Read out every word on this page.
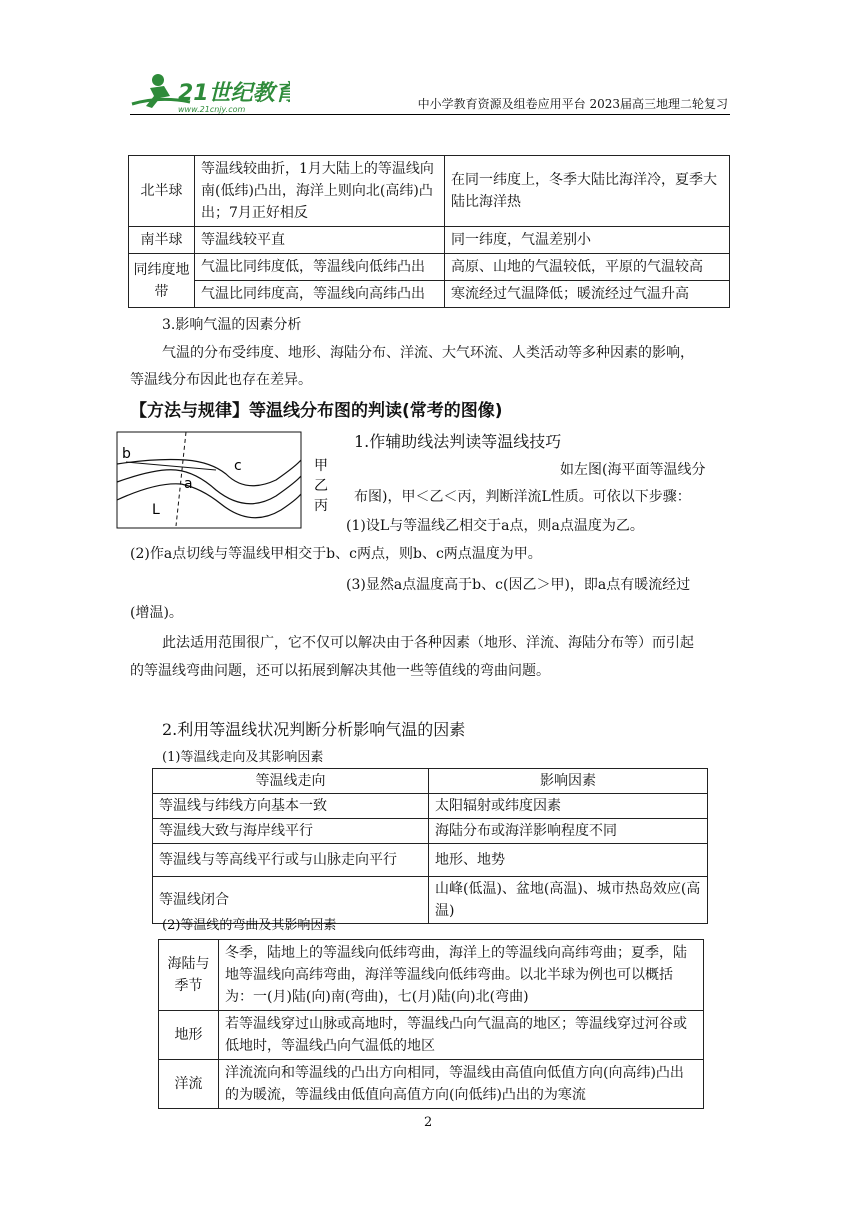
21世纪教育
www.21cnjy.com	中小学教育资源及组卷应用平台 2023届高三地理二轮复习
北半球	等温线较曲折，1月大陆上的等温线向南(低纬)凸出，海洋上则向北(高纬)凸出；7月正好相反	在同一纬度上，冬季大陆比海洋冷，夏季大陆比海洋热
南半球	等温线较平直	同一纬度，气温差别小
同纬度地带	气温比同纬度低，等温线向低纬凸出	高原、山地的气温较低，平原的气温较高
	气温比同纬度高，等温线向高纬凸出	寒流经过气温降低；暖流经过气温升高
3.影响气温的因素分析
气温的分布受纬度、地形、海陆分布、洋流、大气环流、人类活动等多种因素的影响，
等温线分布因此也存在差异。
【方法与规律】等温线分布图的判读(常考的图像)
b
c
a
L
甲
乙
丙
1.作辅助线法判读等温线技巧
如左图(海平面等温线分
布图)，甲＜乙＜丙，判断洋流L性质。可依以下步骤：
(1)设L与等温线乙相交于a点，则a点温度为乙。
(2)作a点切线与等温线甲相交于b、c两点，则b、c两点温度为甲。
(3)显然a点温度高于b、c(因乙＞甲)，即a点有暖流经过
(增温)。
此法适用范围很广，它不仅可以解决由于各种因素（地形、洋流、海陆分布等）而引起
的等温线弯曲问题，还可以拓展到解决其他一些等值线的弯曲问题。
2.利用等温线状况判断分析影响气温的因素
(1)等温线走向及其影响因素
等温线走向	影响因素
等温线与纬线方向基本一致	太阳辐射或纬度因素
等温线大致与海岸线平行	海陆分布或海洋影响程度不同
等温线与等高线平行或与山脉走向平行	地形、地势
等温线闭合	山峰(低温)、盆地(高温)、城市热岛效应(高温)
(2)等温线的弯曲及其影响因素
海陆与季节	冬季，陆地上的等温线向低纬弯曲，海洋上的等温线向高纬弯曲；夏季，陆地等温线向高纬弯曲，海洋等温线向低纬弯曲。以北半球为例也可以概括为：一(月)陆(向)南(弯曲)，七(月)陆(向)北(弯曲)
地形	若等温线穿过山脉或高地时，等温线凸向气温高的地区；等温线穿过河谷或低地时，等温线凸向气温低的地区
洋流	洋流流向和等温线的凸出方向相同，等温线由高值向低值方向(向高纬)凸出的为暖流，等温线由低值向高值方向(向低纬)凸出的为寒流
2
